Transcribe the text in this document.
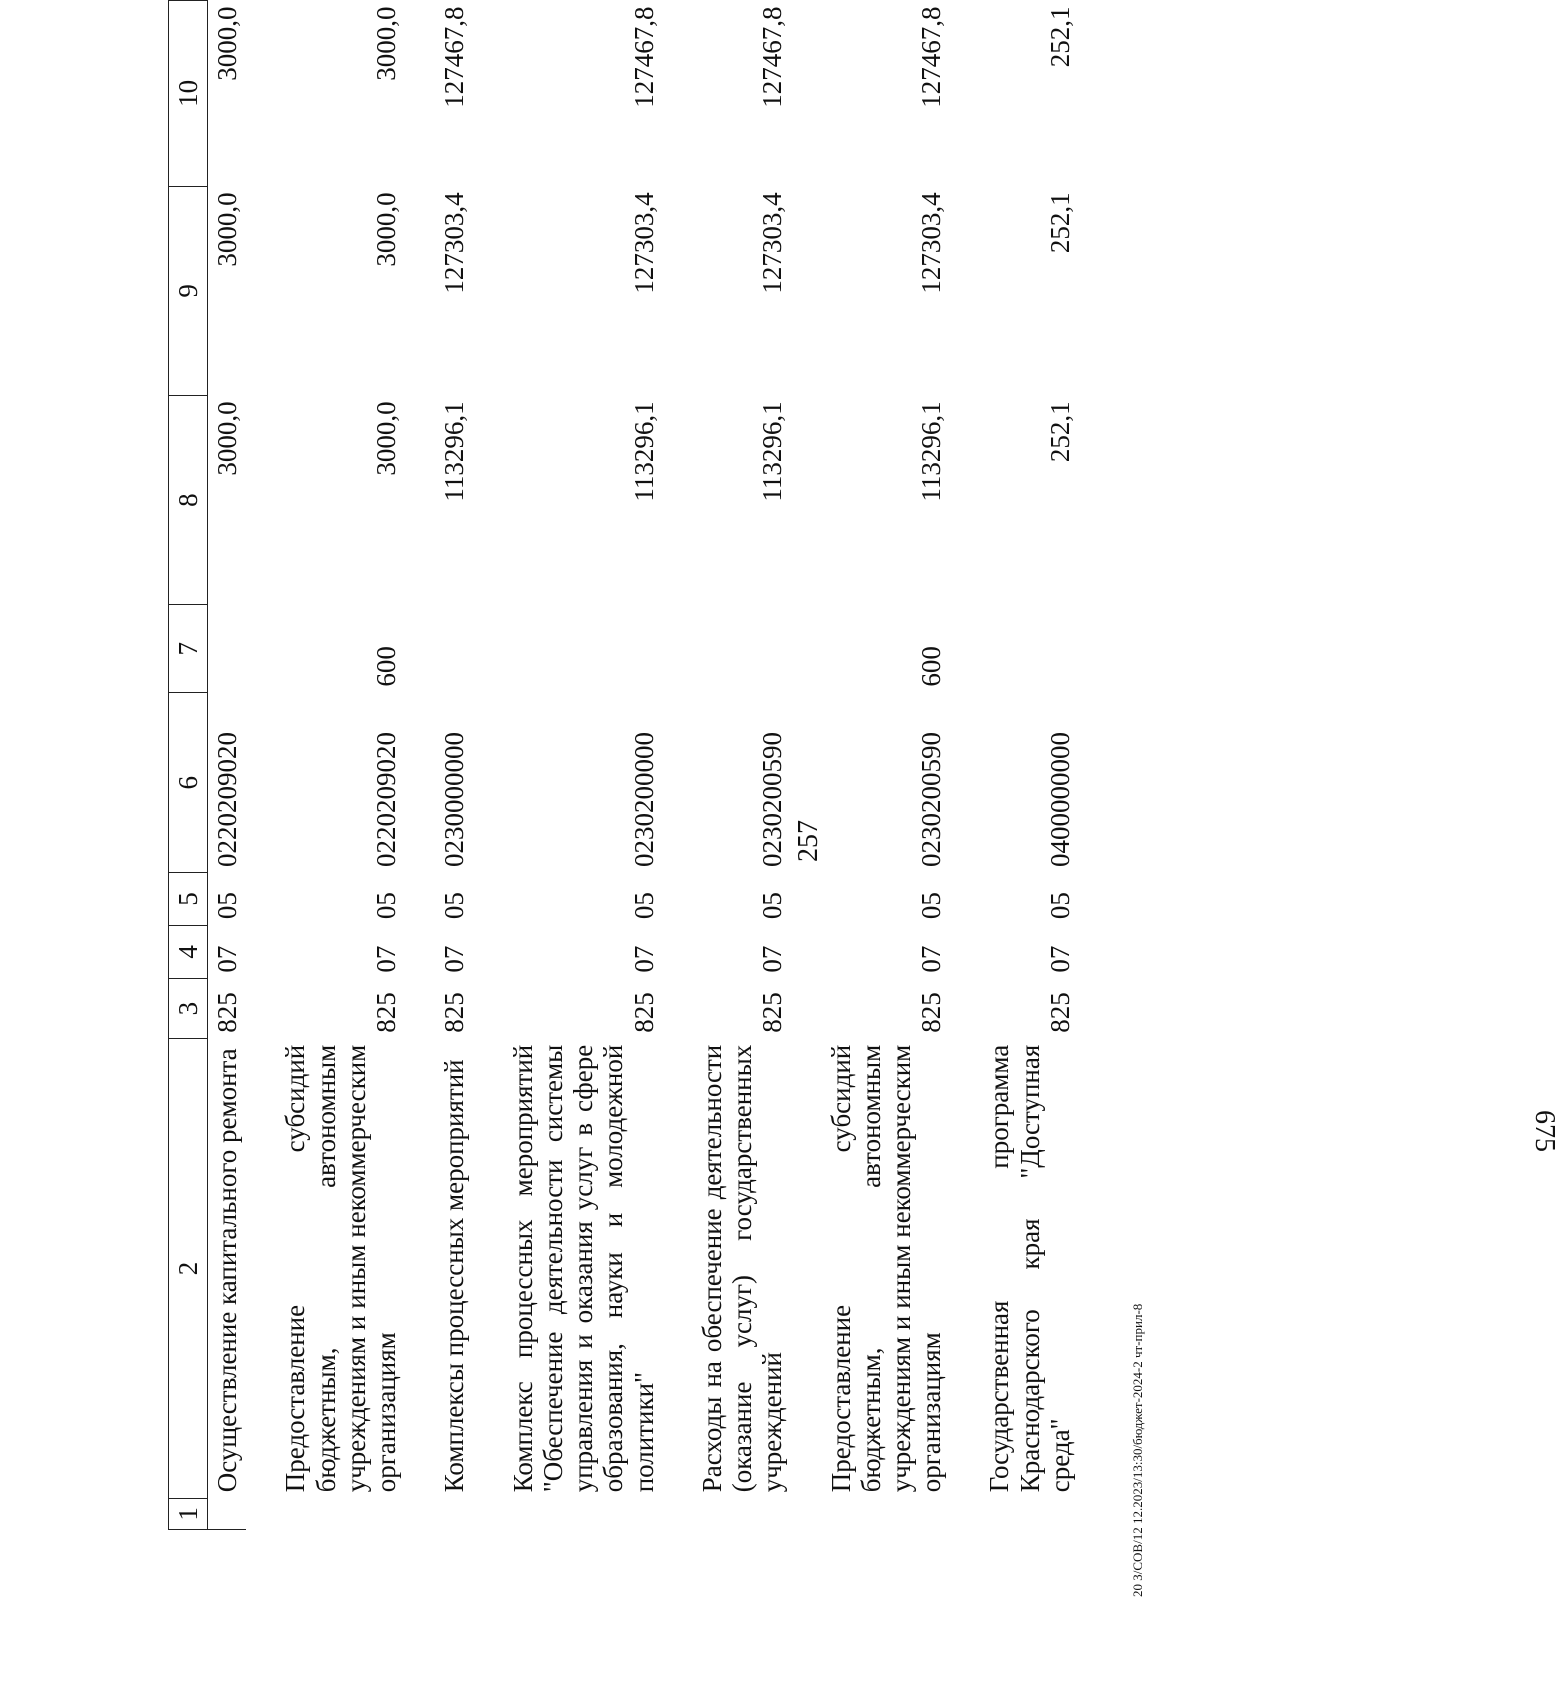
257
1	2	3	4	5	6	7	8	9	10
	Осуществление капитального ремонта	825	07	05	0220209020		3000,0	3000,0	3000,0

	Предоставление субсидий бюджетным, автономным учреждениям и иным некоммерческим организациям	825	07	05	0220209020	600	3000,0	3000,0	3000,0

	Комплексы процессных мероприятий	825	07	05	0230000000		113296,1	127303,4	127467,8

	Комплекс процессных мероприятий "Обеспечение деятельности системы управления и оказания услуг в сфере образования, науки и молодежной политики"	825	07	05	0230200000		113296,1	127303,4	127467,8

	Расходы на обеспечение деятельности (оказание услуг) государственных учреждений	825	07	05	0230200590		113296,1	127303,4	127467,8

	Предоставление субсидий бюджетным, автономным учреждениям и иным некоммерческим организациям	825	07	05	0230200590	600	113296,1	127303,4	127467,8

	Государственная программа Краснодарского края "Доступная среда"	825	07	05	0400000000		252,1	252,1	252,1
20 З/СОВ/12 12.2023/13:30/бюджет-2024-2 чт-прил-8
675
